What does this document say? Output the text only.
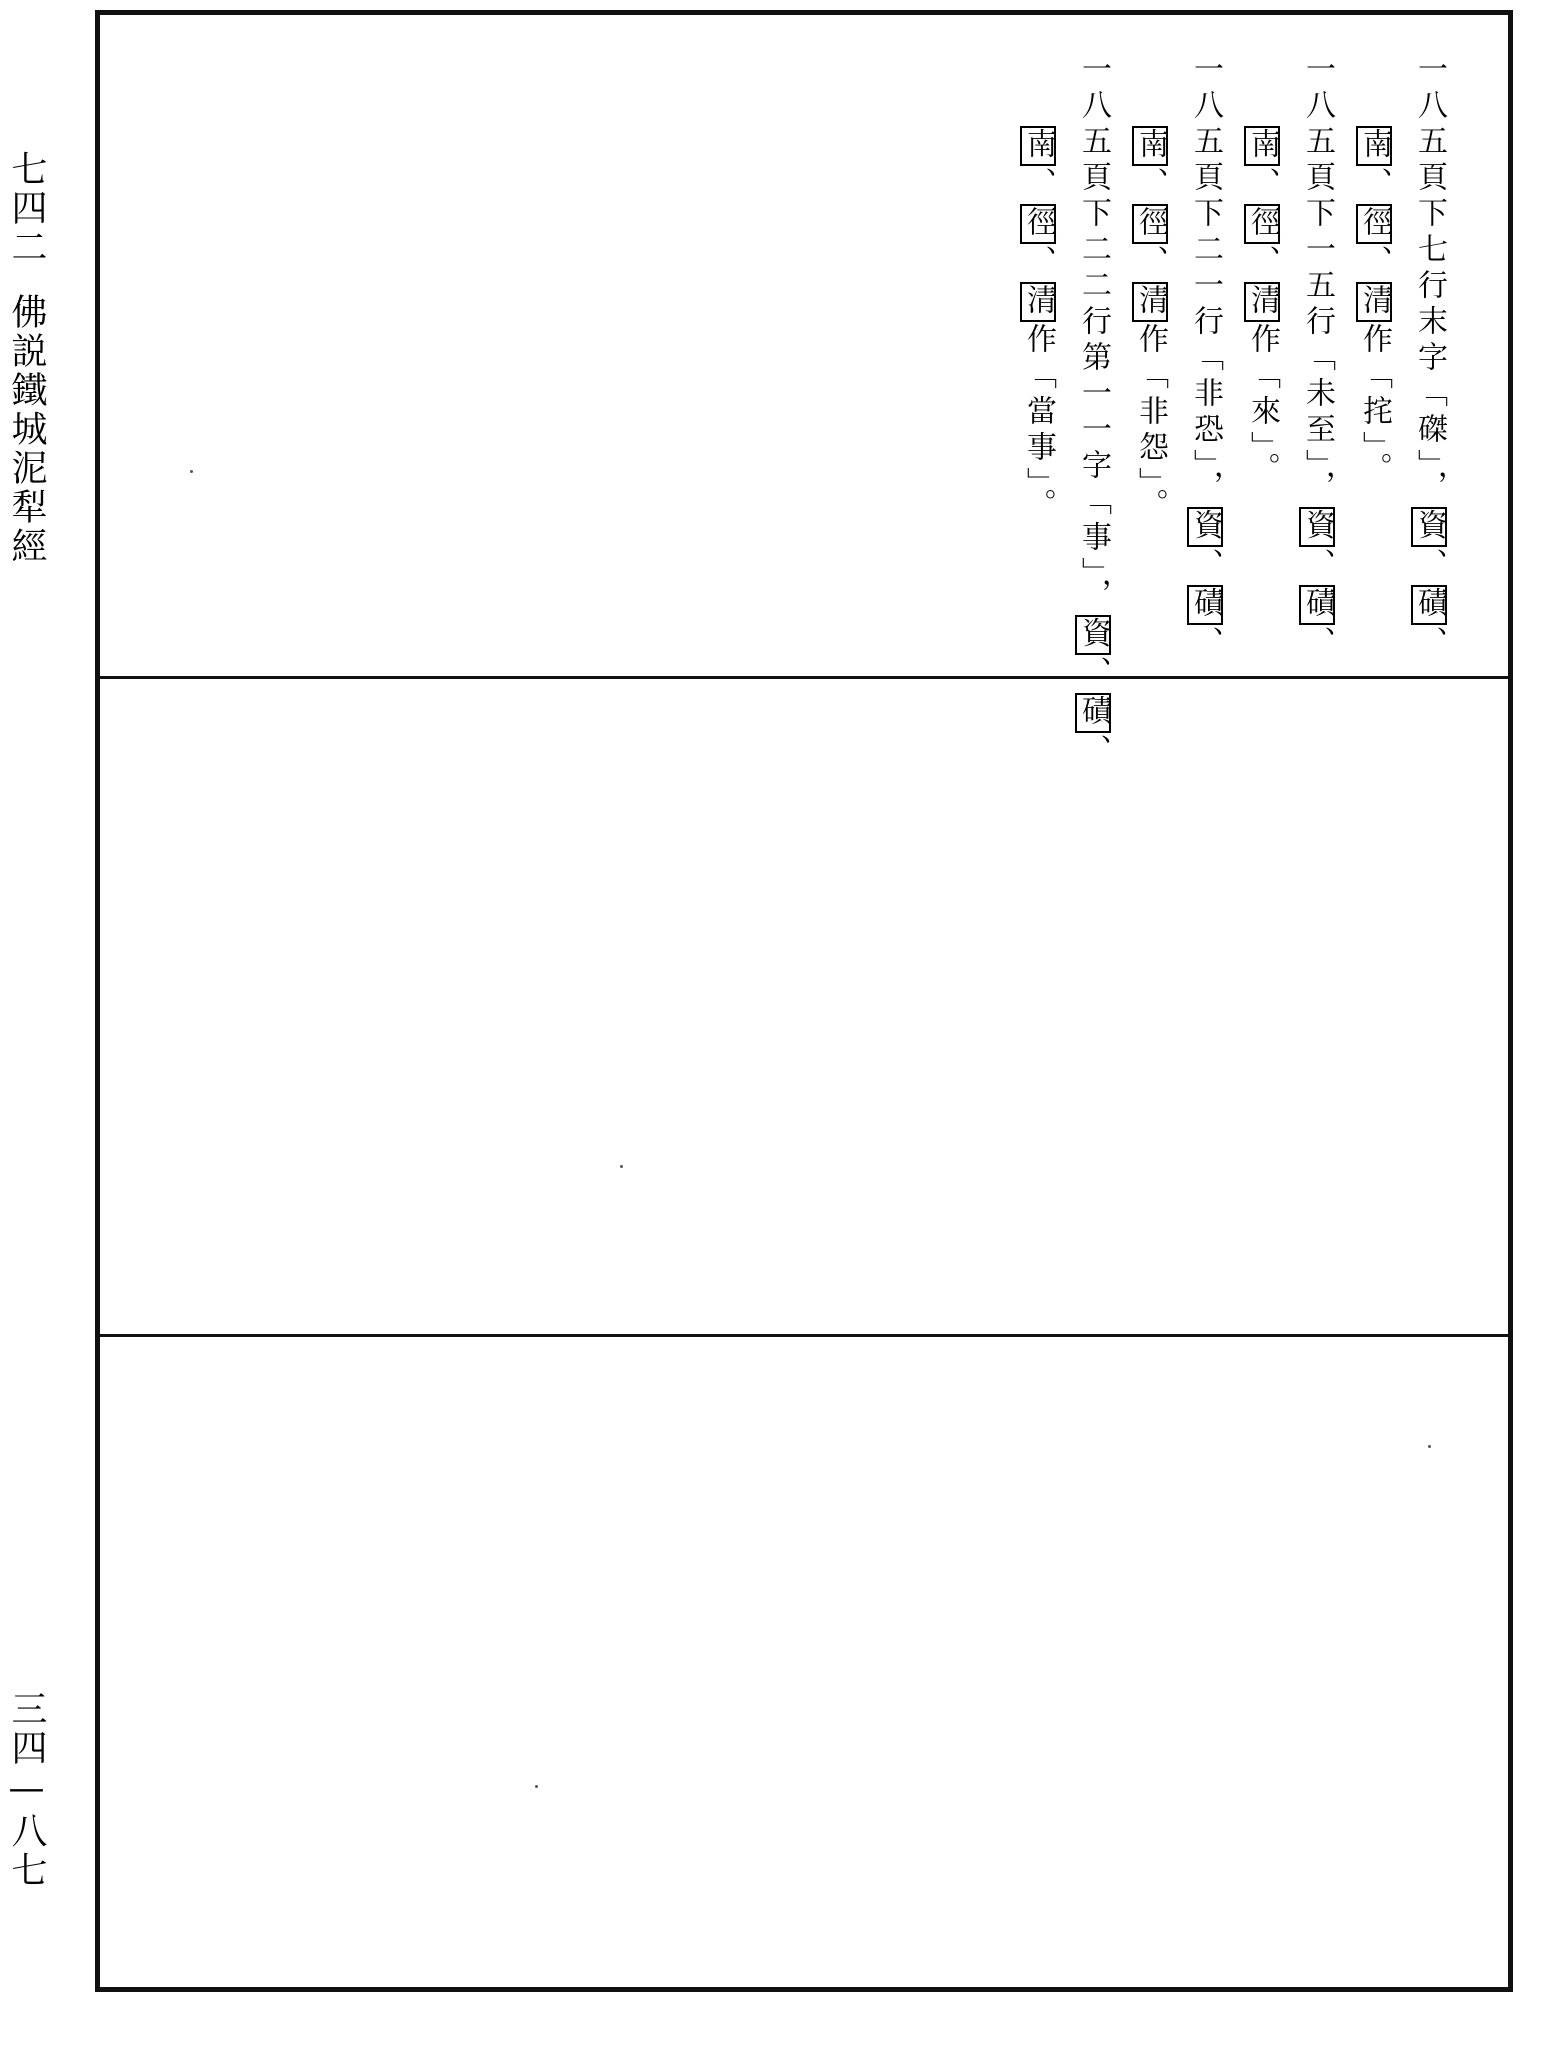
七四二佛説鐵城泥犁經
三四—八七
一八五頁下七行末字「磔」，資、磧、
南、徑、清作「挓」。
一八五頁下一五行「未至」，資、磧、
南、徑、清作「來」。
一八五頁下二一行「非恐」，資、磧、
南、徑、清作「非怨」。
一八五頁下二二行第一一字「事」，資、磧、
南、徑、清作「當事」。
